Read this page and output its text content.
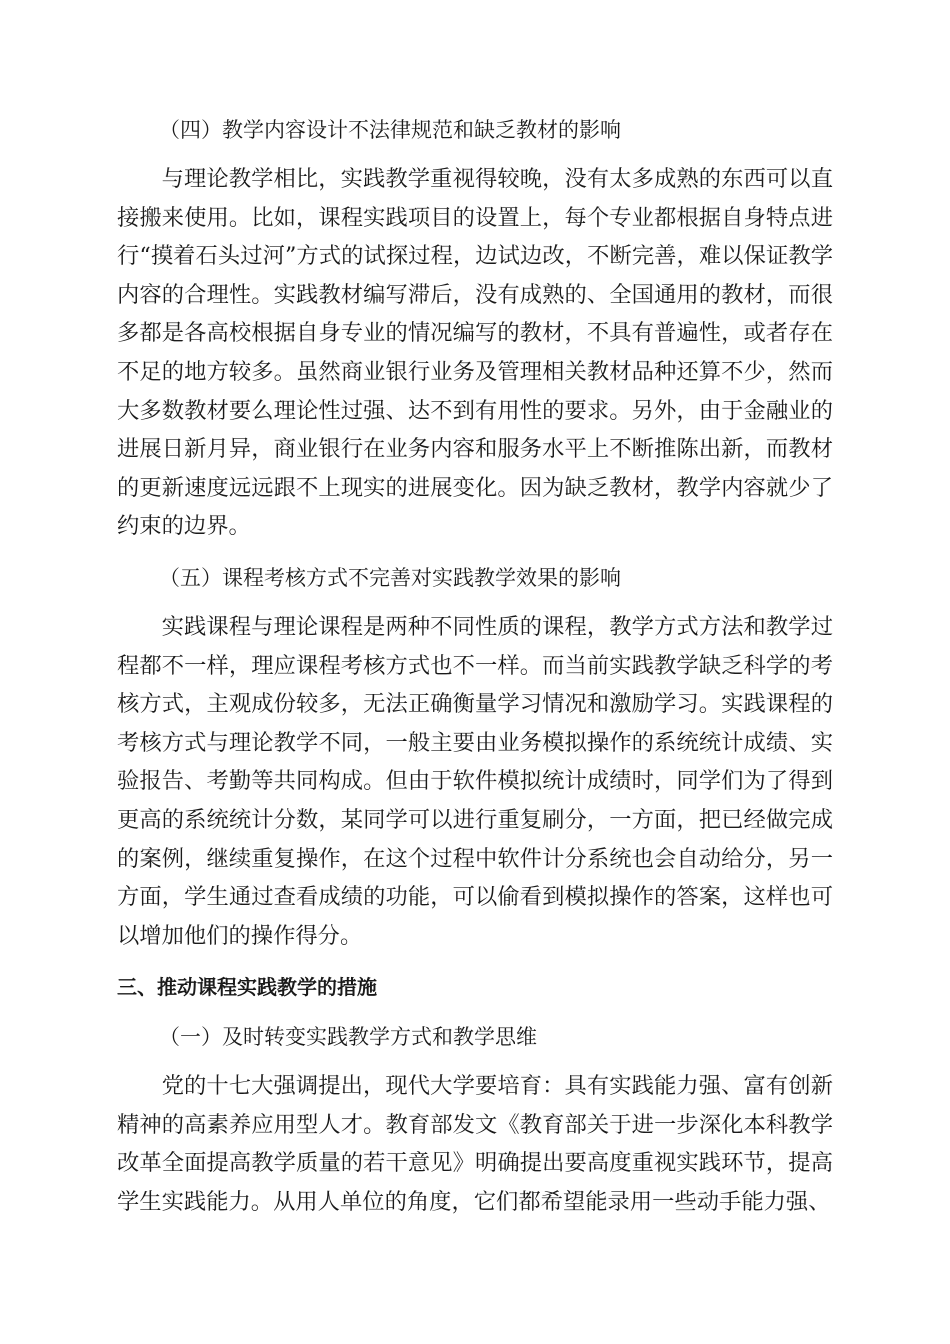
（四）教学内容设计不法律规范和缺乏教材的影响

与理论教学相比，实践教学重视得较晚，没有太多成熟的东西可以直接搬来使用。比如，课程实践项目的设置上，每个专业都根据自身特点进行“摸着石头过河”方式的试探过程，边试边改，不断完善，难以保证教学内容的合理性。实践教材编写滞后，没有成熟的、全国通用的教材，而很多都是各高校根据自身专业的情况编写的教材，不具有普遍性，或者存在不足的地方较多。虽然商业银行业务及管理相关教材品种还算不少，然而大多数教材要么理论性过强、达不到有用性的要求。另外，由于金融业的进展日新月异，商业银行在业务内容和服务水平上不断推陈出新，而教材的更新速度远远跟不上现实的进展变化。因为缺乏教材，教学内容就少了约束的边界。

（五）课程考核方式不完善对实践教学效果的影响

实践课程与理论课程是两种不同性质的课程，教学方式方法和教学过程都不一样，理应课程考核方式也不一样。而当前实践教学缺乏科学的考核方式，主观成份较多，无法正确衡量学习情况和激励学习。实践课程的考核方式与理论教学不同，一般主要由业务模拟操作的系统统计成绩、实验报告、考勤等共同构成。但由于软件模拟统计成绩时，同学们为了得到更高的系统统计分数，某同学可以进行重复刷分，一方面，把已经做完成的案例，继续重复操作，在这个过程中软件计分系统也会自动给分，另一方面，学生通过查看成绩的功能，可以偷看到模拟操作的答案，这样也可以增加他们的操作得分。

三、推动课程实践教学的措施
（一）及时转变实践教学方式和教学思维

党的十七大强调提出，现代大学要培育：具有实践能力强、富有创新精神的高素养应用型人才。教育部发文《教育部关于进一步深化本科教学改革全面提高教学质量的若干意见》明确提出要高度重视实践环节，提高学生实践能力。从用人单位的角度，它们都希望能录用一些动手能力强、
